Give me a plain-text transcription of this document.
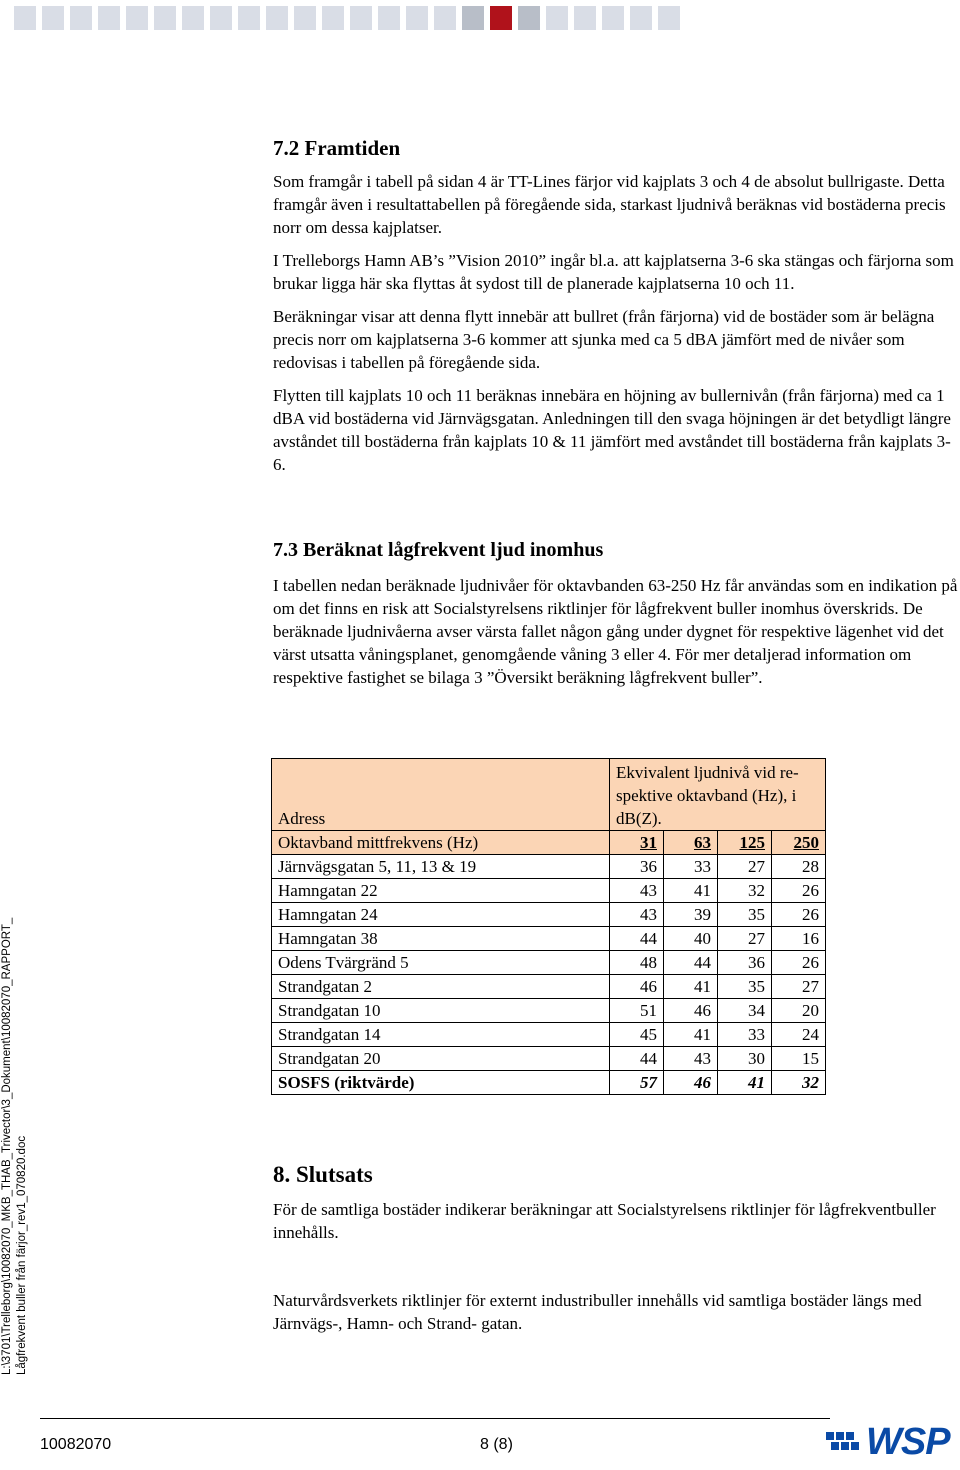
7.2 Framtiden

Som framgår i tabell på sidan 4 är TT-Lines färjor vid kajplats 3 och 4 de absolut bullrigaste. Detta framgår även i resultattabellen på föregående sida, starkast ljudnivå beräknas vid bostäderna precis norr om dessa kajplatser.

I Trelleborgs Hamn AB’s ”Vision 2010” ingår bl.a. att kajplatserna 3-6 ska stängas och färjorna som brukar ligga här ska flyttas åt sydost till de planerade kajplatserna 10 och 11.

Beräkningar visar att denna flytt innebär att bullret (från färjorna) vid de bostäder som är belägna precis norr om kajplatserna 3-6 kommer att sjunka med ca 5 dBA jämfört med de nivåer som redovisas i tabellen på föregående sida.

Flytten till kajplats 10 och 11 beräknas innebära en höjning av bullernivån (från färjorna) med ca 1 dBA vid bostäderna vid Järnvägsgatan. Anledningen till den svaga höjningen är det betydligt längre avståndet till bostäderna från kajplats 10 & 11 jämfört med avståndet till bostäderna från kajplats 3-6.

7.3 Beräknat lågfrekvent ljud inomhus

I tabellen nedan beräknade ljudnivåer för oktavbanden 63-250 Hz får användas som en indikation på om det finns en risk att Socialstyrelsens riktlinjer för lågfrekvent buller inomhus överskrids. De beräknade ljudnivåerna avser värsta fallet någon gång under dygnet för respektive lägenhet vid det värst utsatta våningsplanet, genomgående våning 3 eller 4. För mer detaljerad information om respektive fastighet se bilaga 3 ”Översikt beräkning lågfrekvent buller”.

Adress	Ekvivalent ljudnivå vid respektive oktavband (Hz), i dB(Z).			
Oktavband mittfrekvens (Hz)	31	63	125	250
Järnvägsgatan 5, 11, 13 & 19	36	33	27	28
Hamngatan 22	43	41	32	26
Hamngatan 24	43	39	35	26
Hamngatan 38	44	40	27	16
Odens Tvärgränd 5	48	44	36	26
Strandgatan 2	46	41	35	27
Strandgatan 10	51	46	34	20
Strandgatan 14	45	41	33	24
Strandgatan 20	44	43	30	15
SOSFS (riktvärde)	57	46	41	32
8. Slutsats

För de samtliga bostäder indikerar beräkningar att Socialstyrelsens riktlinjer för lågfrekventbuller innehålls.

Naturvårdsverkets riktlinjer för externt industribuller innehålls vid samtliga bostäder längs med Järnvägs-, Hamn- och Strand- gatan.

L:\3701\Trelleborg\10082070_MKB_THAB_Trivector\3_Dokument\10082070_RAPPORT_ Lågfrekvent buller från färjor_rev1_070820.doc
10082070	8 (8)	WSP
